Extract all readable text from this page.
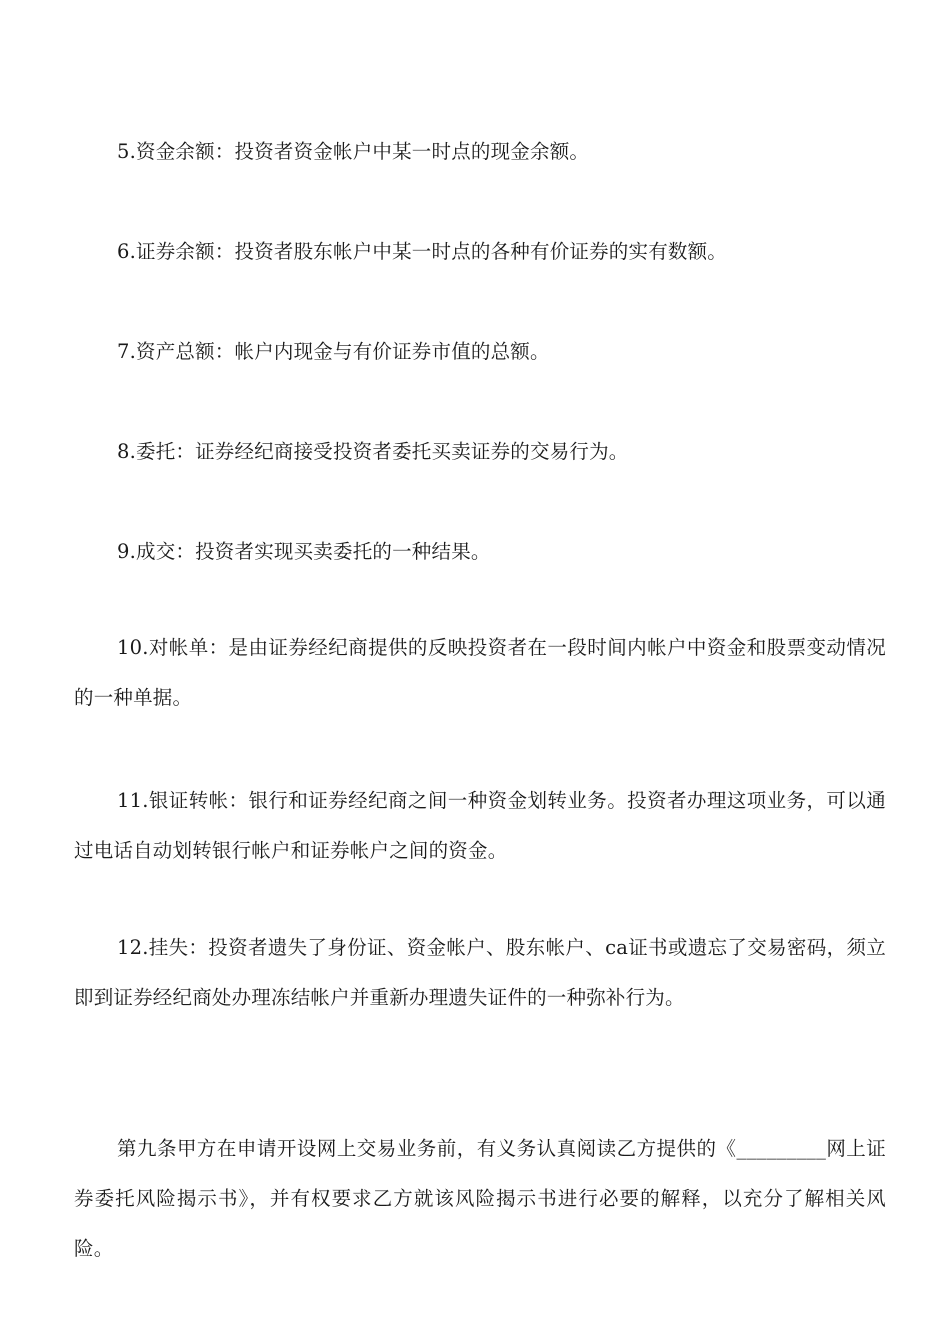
5.资金余额：投资者资金帐户中某一时点的现金余额。

6.证券余额：投资者股东帐户中某一时点的各种有价证券的实有数额。

7.资产总额：帐户内现金与有价证券市值的总额。

8.委托：证券经纪商接受投资者委托买卖证券的交易行为。

9.成交：投资者实现买卖委托的一种结果。

10.对帐单：是由证券经纪商提供的反映投资者在一段时间内帐户中资金和股票变动情况的一种单据。

11.银证转帐：银行和证券经纪商之间一种资金划转业务。投资者办理这项业务，可以通过电话自动划转银行帐户和证券帐户之间的资金。

12.挂失：投资者遗失了身份证、资金帐户、股东帐户、ca证书或遗忘了交易密码，须立即到证券经纪商处办理冻结帐户并重新办理遗失证件的一种弥补行为。

第九条甲方在申请开设网上交易业务前，有义务认真阅读乙方提供的《_________网上证券委托风险揭示书》，并有权要求乙方就该风险揭示书进行必要的解释，以充分了解相关风险。
